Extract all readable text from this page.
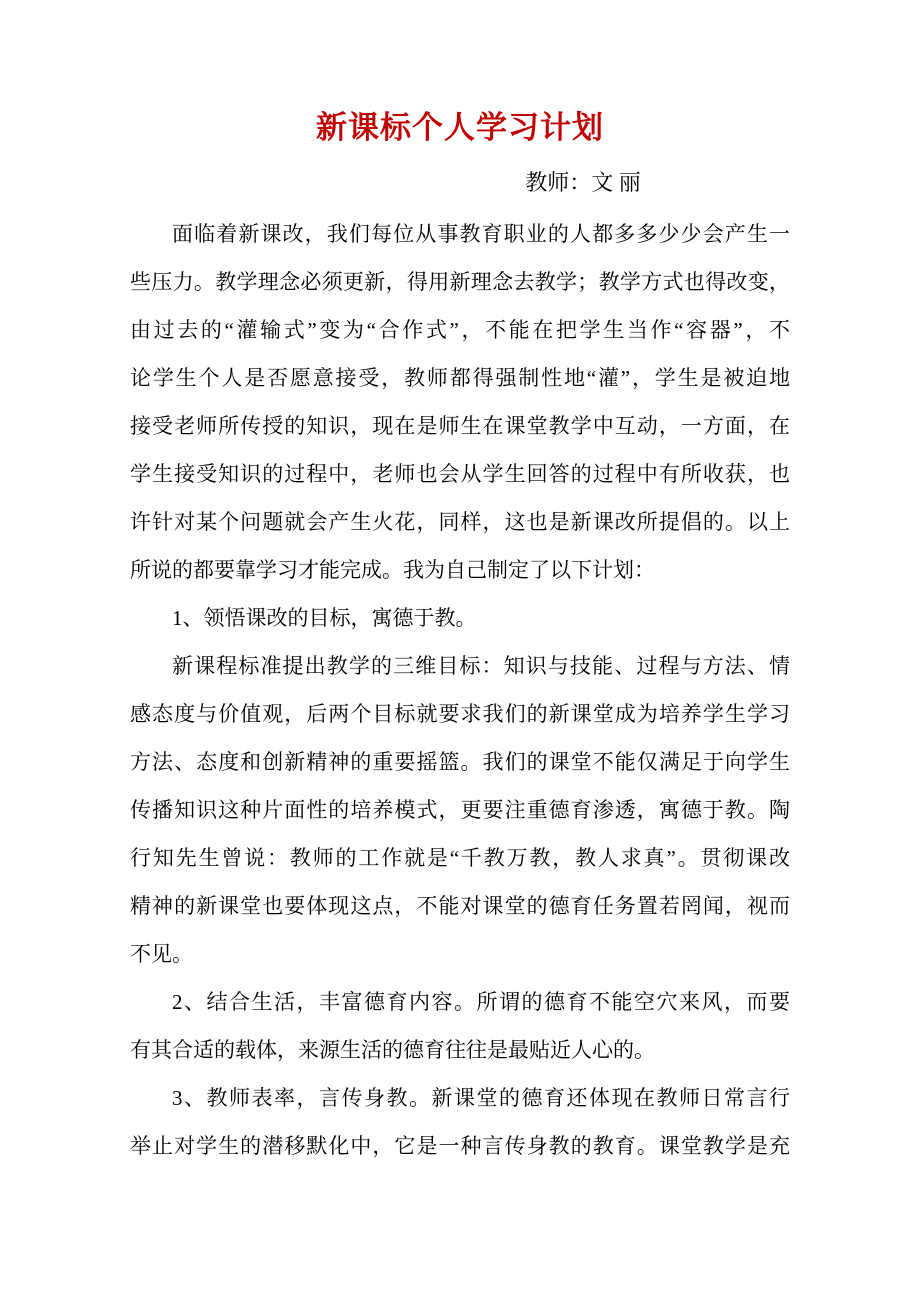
新课标个人学习计划
教师：文 丽
面临着新课改，我们每位从事教育职业的人都多多少少会产生一
些压力。教学理念必须更新，得用新理念去教学；教学方式也得改变，
由过去的“灌输式”变为“合作式”，不能在把学生当作“容器”，不
论学生个人是否愿意接受，教师都得强制性地“灌”，学生是被迫地
接受老师所传授的知识，现在是师生在课堂教学中互动，一方面，在
学生接受知识的过程中，老师也会从学生回答的过程中有所收获，也
许针对某个问题就会产生火花，同样，这也是新课改所提倡的。以上
所说的都要靠学习才能完成。我为自己制定了以下计划：
1、领悟课改的目标，寓德于教。
新课程标准提出教学的三维目标：知识与技能、过程与方法、情
感态度与价值观，后两个目标就要求我们的新课堂成为培养学生学习
方法、态度和创新精神的重要摇篮。我们的课堂不能仅满足于向学生
传播知识这种片面性的培养模式，更要注重德育渗透，寓德于教。陶
行知先生曾说：教师的工作就是“千教万教，教人求真”。贯彻课改
精神的新课堂也要体现这点，不能对课堂的德育任务置若罔闻，视而
不见。
2、结合生活，丰富德育内容。所谓的德育不能空穴来风，而要
有其合适的载体，来源生活的德育往往是最贴近人心的。
3、教师表率，言传身教。新课堂的德育还体现在教师日常言行
举止对学生的潜移默化中，它是一种言传身教的教育。课堂教学是充
